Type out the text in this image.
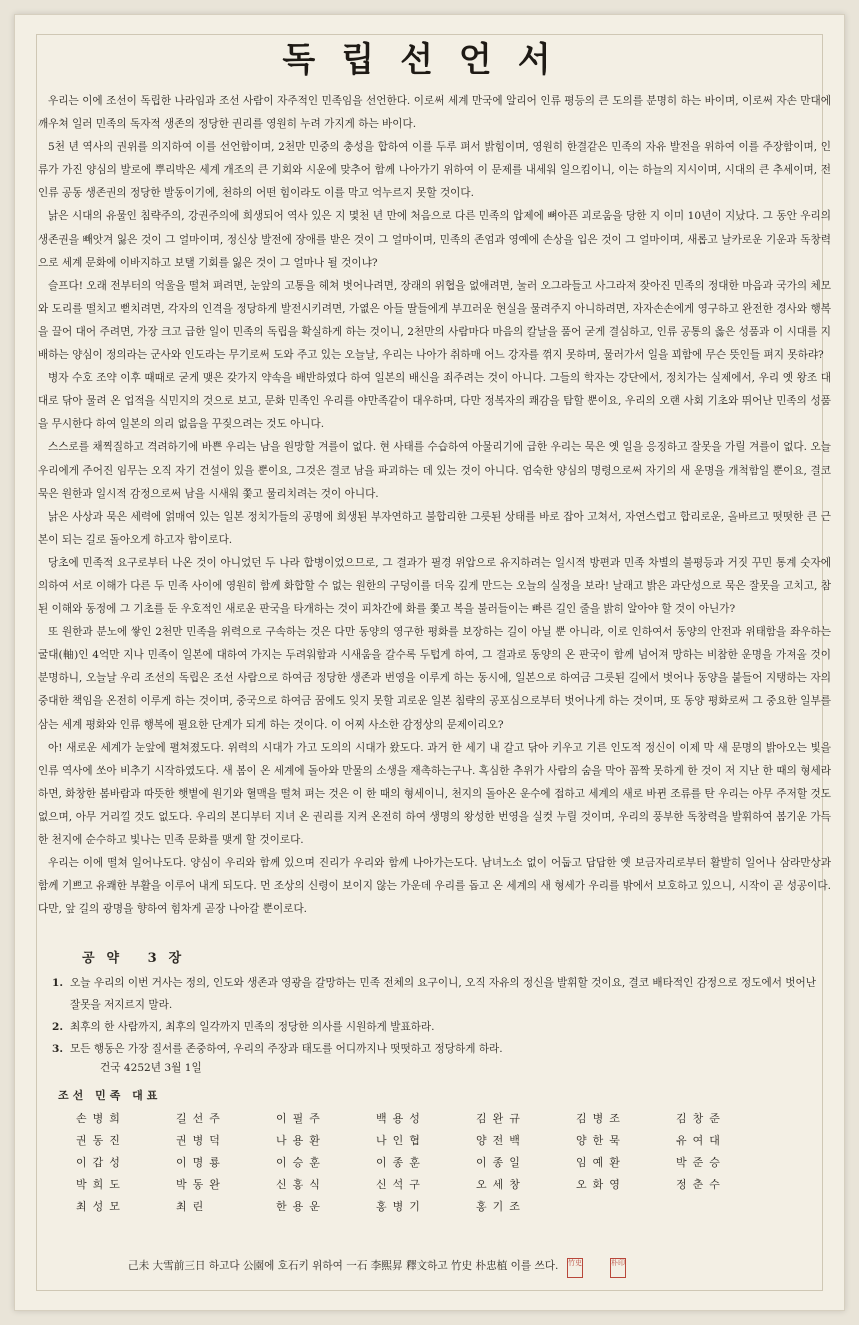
독립선언서

우리는 이에 조선이 독립한 나라임과 조선 사람이 자주적인 민족임을 선언한다. 이로써 세계 만국에 알리어 인류 평등의 큰 도의를 분명히 하는 바이며, 이로써 자손 만대에 깨우쳐 일러 민족의 독자적 생존의 정당한 권리를 영원히 누려 가지게 하는 바이다.

5천 년 역사의 권위를 의지하여 이를 선언함이며, 2천만 민중의 충성을 합하여 이를 두루 펴서 밝힘이며, 영원히 한결같은 민족의 자유 발전을 위하여 이를 주장함이며, 인류가 가진 양심의 발로에 뿌리박은 세계 개조의 큰 기회와 시운에 맞추어 함께 나아가기 위하여 이 문제를 내세워 일으킴이니, 이는 하늘의 지시이며, 시대의 큰 추세이며, 전 인류 공동 생존권의 정당한 발동이기에, 천하의 어떤 힘이라도 이를 막고 억누르지 못할 것이다.

낡은 시대의 유물인 침략주의, 강권주의에 희생되어 역사 있은 지 몇천 년 만에 처음으로 다른 민족의 압제에 뼈아픈 괴로움을 당한 지 이미 10년이 지났다. 그 동안 우리의 생존권을 빼앗겨 잃은 것이 그 얼마이며, 정신상 발전에 장애를 받은 것이 그 얼마이며, 민족의 존엄과 영예에 손상을 입은 것이 그 얼마이며, 새롭고 날카로운 기운과 독창력으로 세계 문화에 이바지하고 보탤 기회를 잃은 것이 그 얼마나 될 것이냐?

슬프다! 오래 전부터의 억울을 떨쳐 펴려면, 눈앞의 고통을 헤쳐 벗어나려면, 장래의 위협을 없애려면, 눌러 오그라들고 사그라져 잦아진 민족의 정대한 마음과 국가의 체모와 도리를 떨치고 뻗치려면, 각자의 인격을 정당하게 발전시키려면, 가엾은 아들 딸들에게 부끄러운 현실을 물려주지 아니하려면, 자자손손에게 영구하고 완전한 경사와 행복을 끌어 대어 주려면, 가장 크고 급한 일이 민족의 독립을 확실하게 하는 것이니, 2천만의 사람마다 마음의 칼날을 품어 굳게 결심하고, 인류 공통의 옳은 성품과 이 시대를 지배하는 양심이 정의라는 군사와 인도라는 무기로써 도와 주고 있는 오늘날, 우리는 나아가 취하매 어느 강자를 꺾지 못하며, 물러가서 일을 꾀함에 무슨 뜻인들 펴지 못하랴?

병자 수호 조약 이후 때때로 굳게 맺은 갖가지 약속을 배반하였다 하여 일본의 배신을 죄주려는 것이 아니다. 그들의 학자는 강단에서, 정치가는 실제에서, 우리 옛 왕조 대대로 닦아 물려 온 업적을 식민지의 것으로 보고, 문화 민족인 우리를 야만족같이 대우하며, 다만 정복자의 쾌감을 탐할 뿐이요, 우리의 오랜 사회 기초와 뛰어난 민족의 성품을 무시한다 하여 일본의 의리 없음을 꾸짖으려는 것도 아니다.

스스로를 채찍질하고 격려하기에 바쁜 우리는 남을 원망할 겨를이 없다. 현 사태를 수습하여 아물리기에 급한 우리는 묵은 옛 일을 응징하고 잘못을 가릴 겨를이 없다. 오늘 우리에게 주어진 임무는 오직 자기 건설이 있을 뿐이요, 그것은 결코 남을 파괴하는 데 있는 것이 아니다. 엄숙한 양심의 명령으로써 자기의 새 운명을 개척함일 뿐이요, 결코 묵은 원한과 일시적 감정으로써 남을 시새워 쫓고 물리치려는 것이 아니다.

낡은 사상과 묵은 세력에 얽매여 있는 일본 정치가들의 공명에 희생된 부자연하고 불합리한 그릇된 상태를 바로 잡아 고쳐서, 자연스럽고 합리로운, 올바르고 떳떳한 큰 근본이 되는 길로 돌아오게 하고자 함이로다.

당초에 민족적 요구로부터 나온 것이 아니었던 두 나라 합병이었으므로, 그 결과가 필경 위압으로 유지하려는 일시적 방편과 민족 차별의 불평등과 거짓 꾸민 통계 숫자에 의하여 서로 이해가 다른 두 민족 사이에 영원히 함께 화합할 수 없는 원한의 구덩이를 더욱 깊게 만드는 오늘의 실정을 보라! 날래고 밝은 과단성으로 묵은 잘못을 고치고, 참된 이해와 동정에 그 기초를 둔 우호적인 새로운 판국을 타개하는 것이 피차간에 화를 쫓고 복을 불러들이는 빠른 길인 줄을 밝히 알아야 할 것이 아닌가?

또 원한과 분노에 쌓인 2천만 민족을 위력으로 구속하는 것은 다만 동양의 영구한 평화를 보장하는 길이 아닐 뿐 아니라, 이로 인하여서 동양의 안전과 위태함을 좌우하는 굴대(軸)인 4억만 지나 민족이 일본에 대하여 가지는 두려워함과 시새움을 갈수록 두텁게 하여, 그 결과로 동양의 온 판국이 함께 넘어져 망하는 비참한 운명을 가져올 것이 분명하니, 오늘날 우리 조선의 독립은 조선 사람으로 하여금 정당한 생존과 번영을 이루게 하는 동시에, 일본으로 하여금 그릇된 길에서 벗어나 동양을 붙들어 지탱하는 자의 중대한 책임을 온전히 이루게 하는 것이며, 중국으로 하여금 꿈에도 잊지 못할 괴로운 일본 침략의 공포심으로부터 벗어나게 하는 것이며, 또 동양 평화로써 그 중요한 일부를 삼는 세계 평화와 인류 행복에 필요한 단계가 되게 하는 것이다. 이 어찌 사소한 감정상의 문제이리오?

아! 새로운 세계가 눈앞에 펼쳐졌도다. 위력의 시대가 가고 도의의 시대가 왔도다. 과거 한 세기 내 갈고 닦아 키우고 기른 인도적 정신이 이제 막 새 문명의 밝아오는 빛을 인류 역사에 쏘아 비추기 시작하였도다. 새 봄이 온 세계에 돌아와 만물의 소생을 재촉하는구나. 혹심한 추위가 사람의 숨을 막아 꼼짝 못하게 한 것이 저 지난 한 때의 형세라 하면, 화창한 봄바람과 따뜻한 햇볕에 원기와 혈맥을 떨쳐 펴는 것은 이 한 때의 형세이니, 천지의 돌아온 운수에 접하고 세계의 새로 바뀐 조류를 탄 우리는 아무 주저할 것도 없으며, 아무 거리낄 것도 없도다. 우리의 본디부터 지녀 온 권리를 지켜 온전히 하여 생명의 왕성한 번영을 실컷 누릴 것이며, 우리의 풍부한 독창력을 발휘하여 봄기운 가득한 천지에 순수하고 빛나는 민족 문화를 맺게 할 것이로다.

우리는 이에 떨쳐 일어나도다. 양심이 우리와 함께 있으며 진리가 우리와 함께 나아가는도다. 남녀노소 없이 어둡고 답답한 옛 보금자리로부터 활발히 일어나 삼라만상과 함께 기쁘고 유쾌한 부활을 이루어 내게 되도다. 먼 조상의 신령이 보이지 않는 가운데 우리를 돕고 온 세계의 새 형세가 우리를 밖에서 보호하고 있으니, 시작이 곧 성공이다. 다만, 앞 길의 광명을 향하여 힘차게 곧장 나아갈 뿐이로다.

공약 3장
1. 오늘 우리의 이번 거사는 정의, 인도와 생존과 영광을 갈망하는 민족 전체의 요구이니, 오직 자유의 정신을 발휘할 것이요, 결코 배타적인 감정으로 정도에서 벗어난 잘못을 저지르지 말라.
2. 최후의 한 사람까지, 최후의 일각까지 민족의 정당한 의사를 시원하게 발표하라.
3. 모든 행동은 가장 질서를 존중하여, 우리의 주장과 태도를 어디까지나 떳떳하고 정당하게 하라.
건국 4252년 3월 1일
조선 민족 대표
손병희	길선주	이필주	백용성	김완규	김병조	김창준
권동진	권병덕	나용환	나인협	양전백	양한묵	유여대
이갑성	이명룡	이승훈	이종훈	이종일	임예환	박준승
박희도	박동완	신홍식	신석구	오세창	오화영	정춘수
최성모	최린	한용운	홍병기	홍기조
己未 大雪前三日 하고다 公園에 호石키 위하여 一石 李熙昇 釋文하고 竹史 朴忠植 이를 쓰다. 竹史	朴印
